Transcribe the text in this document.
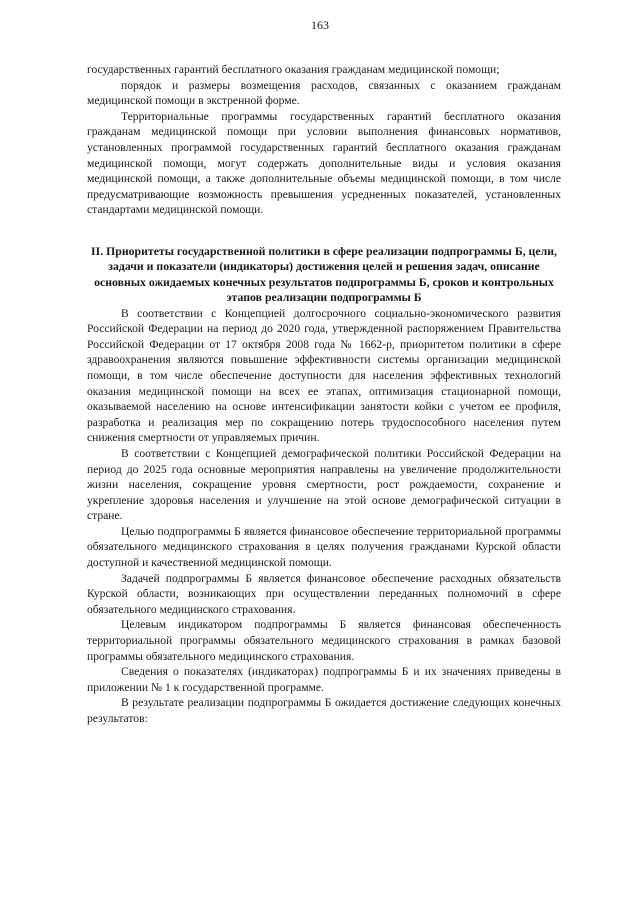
163

государственных гарантий бесплатного оказания гражданам медицинской помощи;

порядок и размеры возмещения расходов, связанных с оказанием гражданам медицинской помощи в экстренной форме.

Территориальные программы государственных гарантий бесплатного оказания гражданам медицинской помощи при условии выполнения финансовых нормативов, установленных программой государственных гарантий бесплатного оказания гражданам медицинской помощи, могут содержать дополнительные виды и условия оказания медицинской помощи, а также дополнительные объемы медицинской помощи, в том числе предусматривающие возможность превышения усредненных показателей, установленных стандартами медицинской помощи.

II. Приоритеты государственной политики в сфере реализации подпрограммы Б, цели, задачи и показатели (индикаторы) достижения целей и решения задач, описание основных ожидаемых конечных результатов подпрограммы Б, сроков и контрольных этапов реализации подпрограммы Б

В соответствии с Концепцией долгосрочного социально-экономического развития Российской Федерации на период до 2020 года, утвержденной распоряжением Правительства Российской Федерации от 17 октября 2008 года № 1662-р, приоритетом политики в сфере здравоохранения являются повышение эффективности системы организации медицинской помощи, в том числе обеспечение доступности для населения эффективных технологий оказания медицинской помощи на всех ее этапах, оптимизация стационарной помощи, оказываемой населению на основе интенсификации занятости койки с учетом ее профиля, разработка и реализация мер по сокращению потерь трудоспособного населения путем снижения смертности от управляемых причин.

В соответствии с Концепцией демографической политики Российской Федерации на период до 2025 года основные мероприятия направлены на увеличение продолжительности жизни населения, сокращение уровня смертности, рост рождаемости, сохранение и укрепление здоровья населения и улучшение на этой основе демографической ситуации в стране.

Целью подпрограммы Б является финансовое обеспечение территориальной программы обязательного медицинского страхования в целях получения гражданами Курской области доступной и качественной медицинской помощи.

Задачей подпрограммы Б является финансовое обеспечение расходных обязательств Курской области, возникающих при осуществлении переданных полномочий в сфере обязательного медицинского страхования.

Целевым индикатором подпрограммы Б является финансовая обеспеченность территориальной программы обязательного медицинского страхования в рамках базовой программы обязательного медицинского страхования.

Сведения о показателях (индикаторах) подпрограммы Б и их значениях приведены в приложении № 1 к государственной программе.

В результате реализации подпрограммы Б ожидается достижение следующих конечных результатов:
